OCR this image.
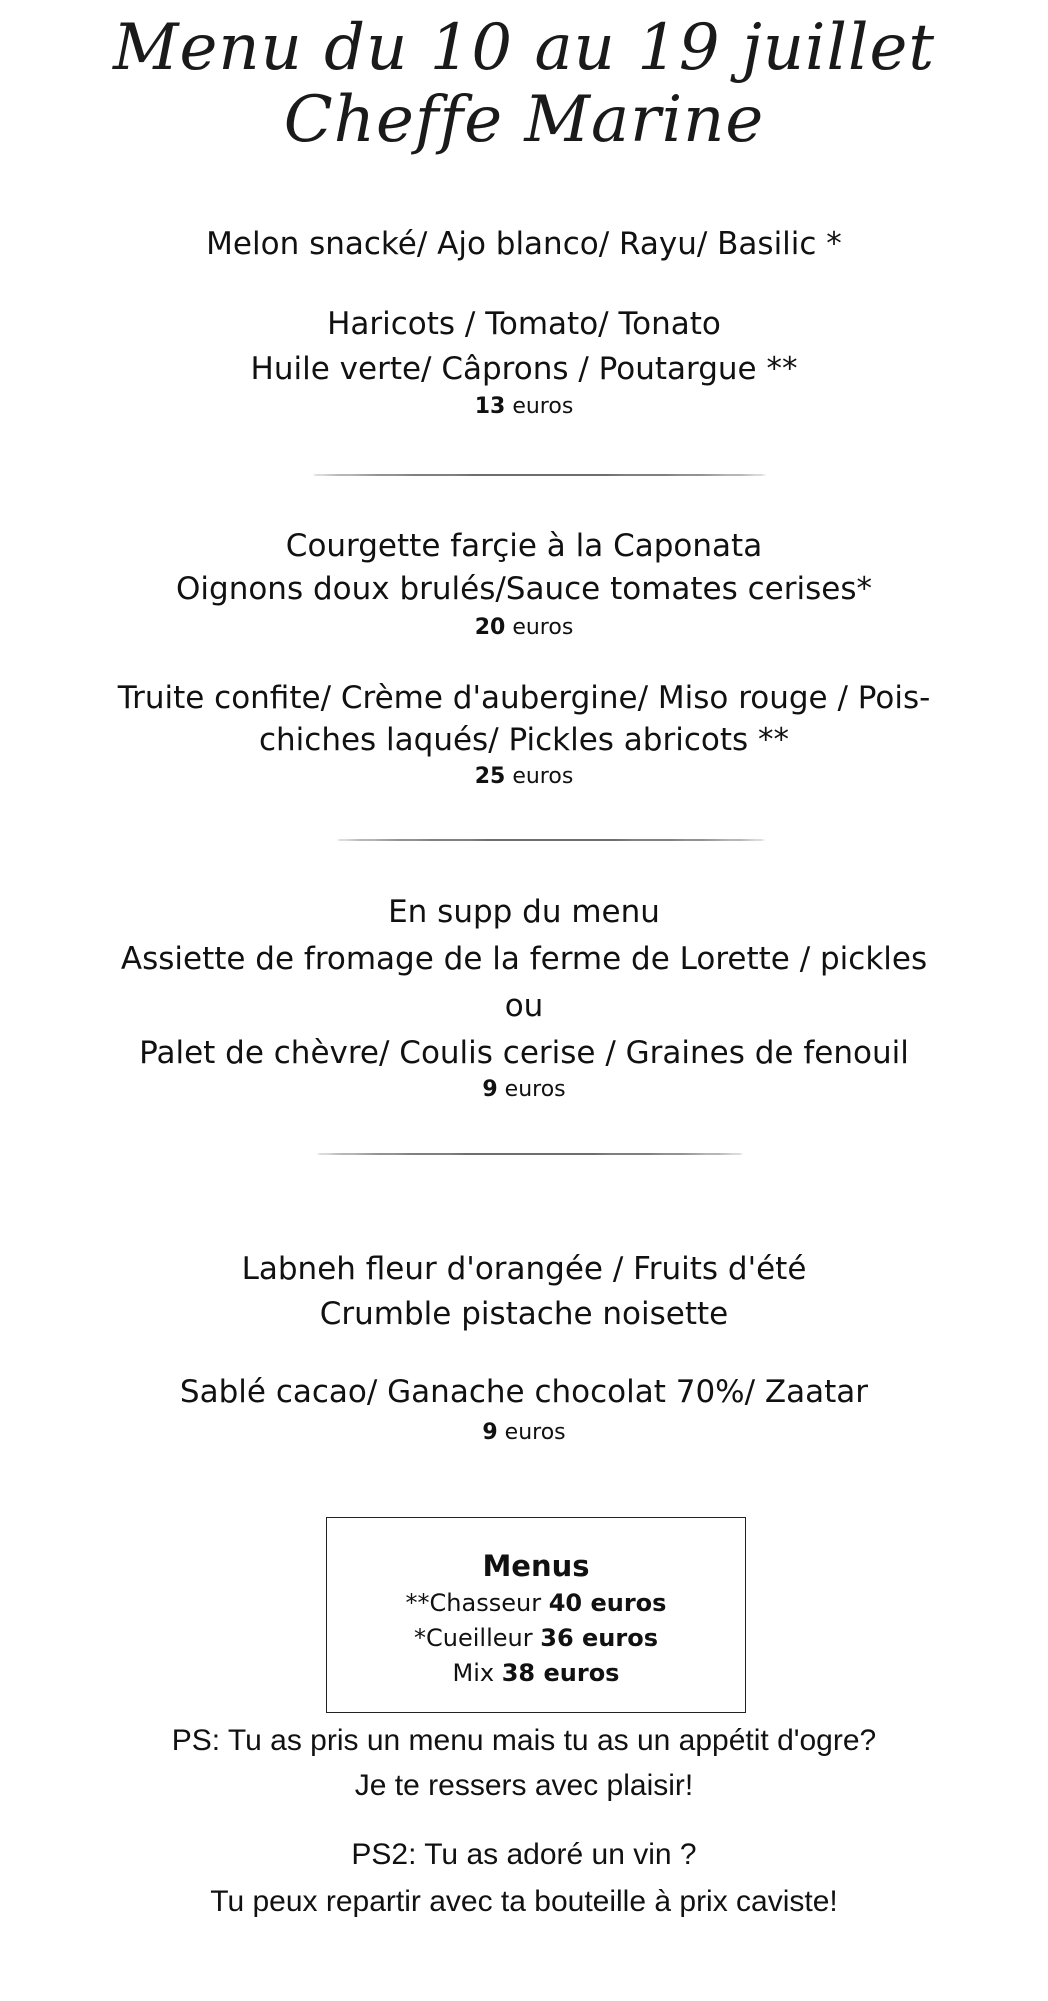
Menu du 10 au 19 juillet
Cheffe Marine
Melon snacké/ Ajo blanco/ Rayu/ Basilic *
Haricots / Tomato/ Tonato
Huile verte/ Câprons / Poutargue **
13 euros
Courgette farçie à la Caponata
Oignons doux brulés/Sauce tomates cerises*
20 euros
Truite confite/ Crème d'aubergine/ Miso rouge / Pois-
chiches laqués/ Pickles abricots **
25 euros
En supp du menu
Assiette de fromage de la ferme de Lorette / pickles
ou
Palet de chèvre/ Coulis cerise / Graines de fenouil
9 euros
Labneh fleur d'orangée / Fruits d'été
Crumble pistache noisette
Sablé cacao/ Ganache chocolat 70%/ Zaatar
9 euros
Menus
**Chasseur 40 euros
*Cueilleur 36 euros
Mix 38 euros
PS: Tu as pris un menu mais tu as un appétit d'ogre?
Je te ressers avec plaisir!
PS2: Tu as adoré un vin ?
Tu peux repartir avec ta bouteille à prix caviste!
